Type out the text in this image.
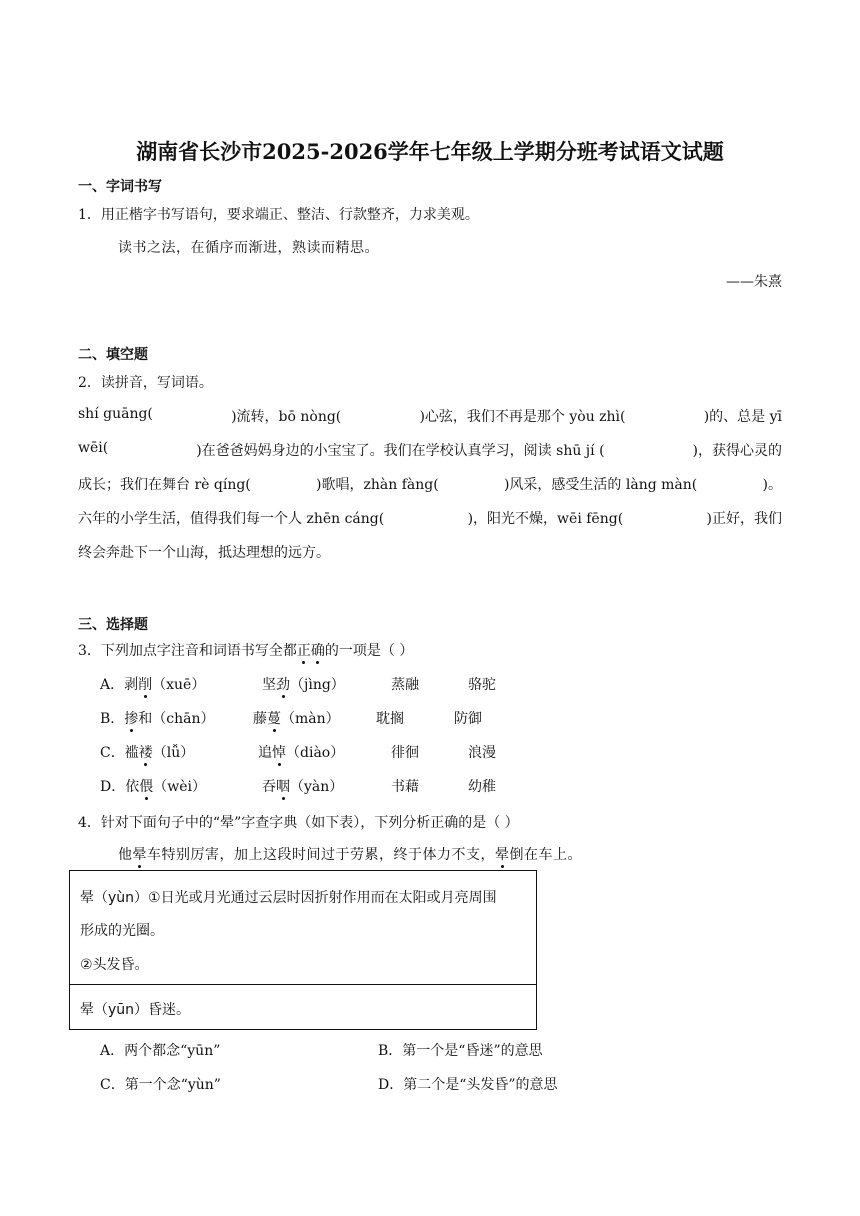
湖南省长沙市2025-2026学年七年级上学期分班考试语文试题
一、字词书写
1．用正楷字书写语句，要求端正、整洁、行款整齐，力求美观。
读书之法，在循序而渐进，熟读而精思。
——朱熹
二、填空题
2．读拼音，写词语。
shí guāng(	)流转，bō nòng(	)心弦，我们不再是那个 yòu zhì(	)的、总是 yī
wēi(	)在爸爸妈妈身边的小宝宝了。我们在学校认真学习，阅读 shū jí (	)，获得心灵的
成长；我们在舞台 rè qíng(	)歌唱，zhàn fàng(	)风采，感受生活的 làng màn(	)。
六年的小学生活，值得我们每一个人 zhēn cáng(	)，阳光不燥，wēi fēng(	)正好，我们
终会奔赴下一个山海，抵达理想的远方。
三、选择题
3．下列加点字注音和词语书写全都正确的一项是（ ）
A．剥削（xuē）	坚劲（jìng）	蒸融	骆驼
B．掺和（chān）	藤蔓（màn）	耽搁	防御
C．褴褛（lǚ）	追悼（diào）	徘徊	浪漫
D．依偎（wèi）	吞咽（yàn）	书藉	幼稚
4．针对下面句子中的“晕”字查字典（如下表），下列分析正确的是（ ）
他晕车特别厉害，加上这段时间过于劳累，终于体力不支，晕倒在车上。
晕（yùn）①日光或月光通过云层时因折射作用而在太阳或月亮周围
形成的光圈。
②头发昏。
晕（yūn）昏迷。
A．两个都念“yūn”	B．第一个是“昏迷”的意思
C．第一个念“yùn”	D．第二个是“头发昏”的意思
